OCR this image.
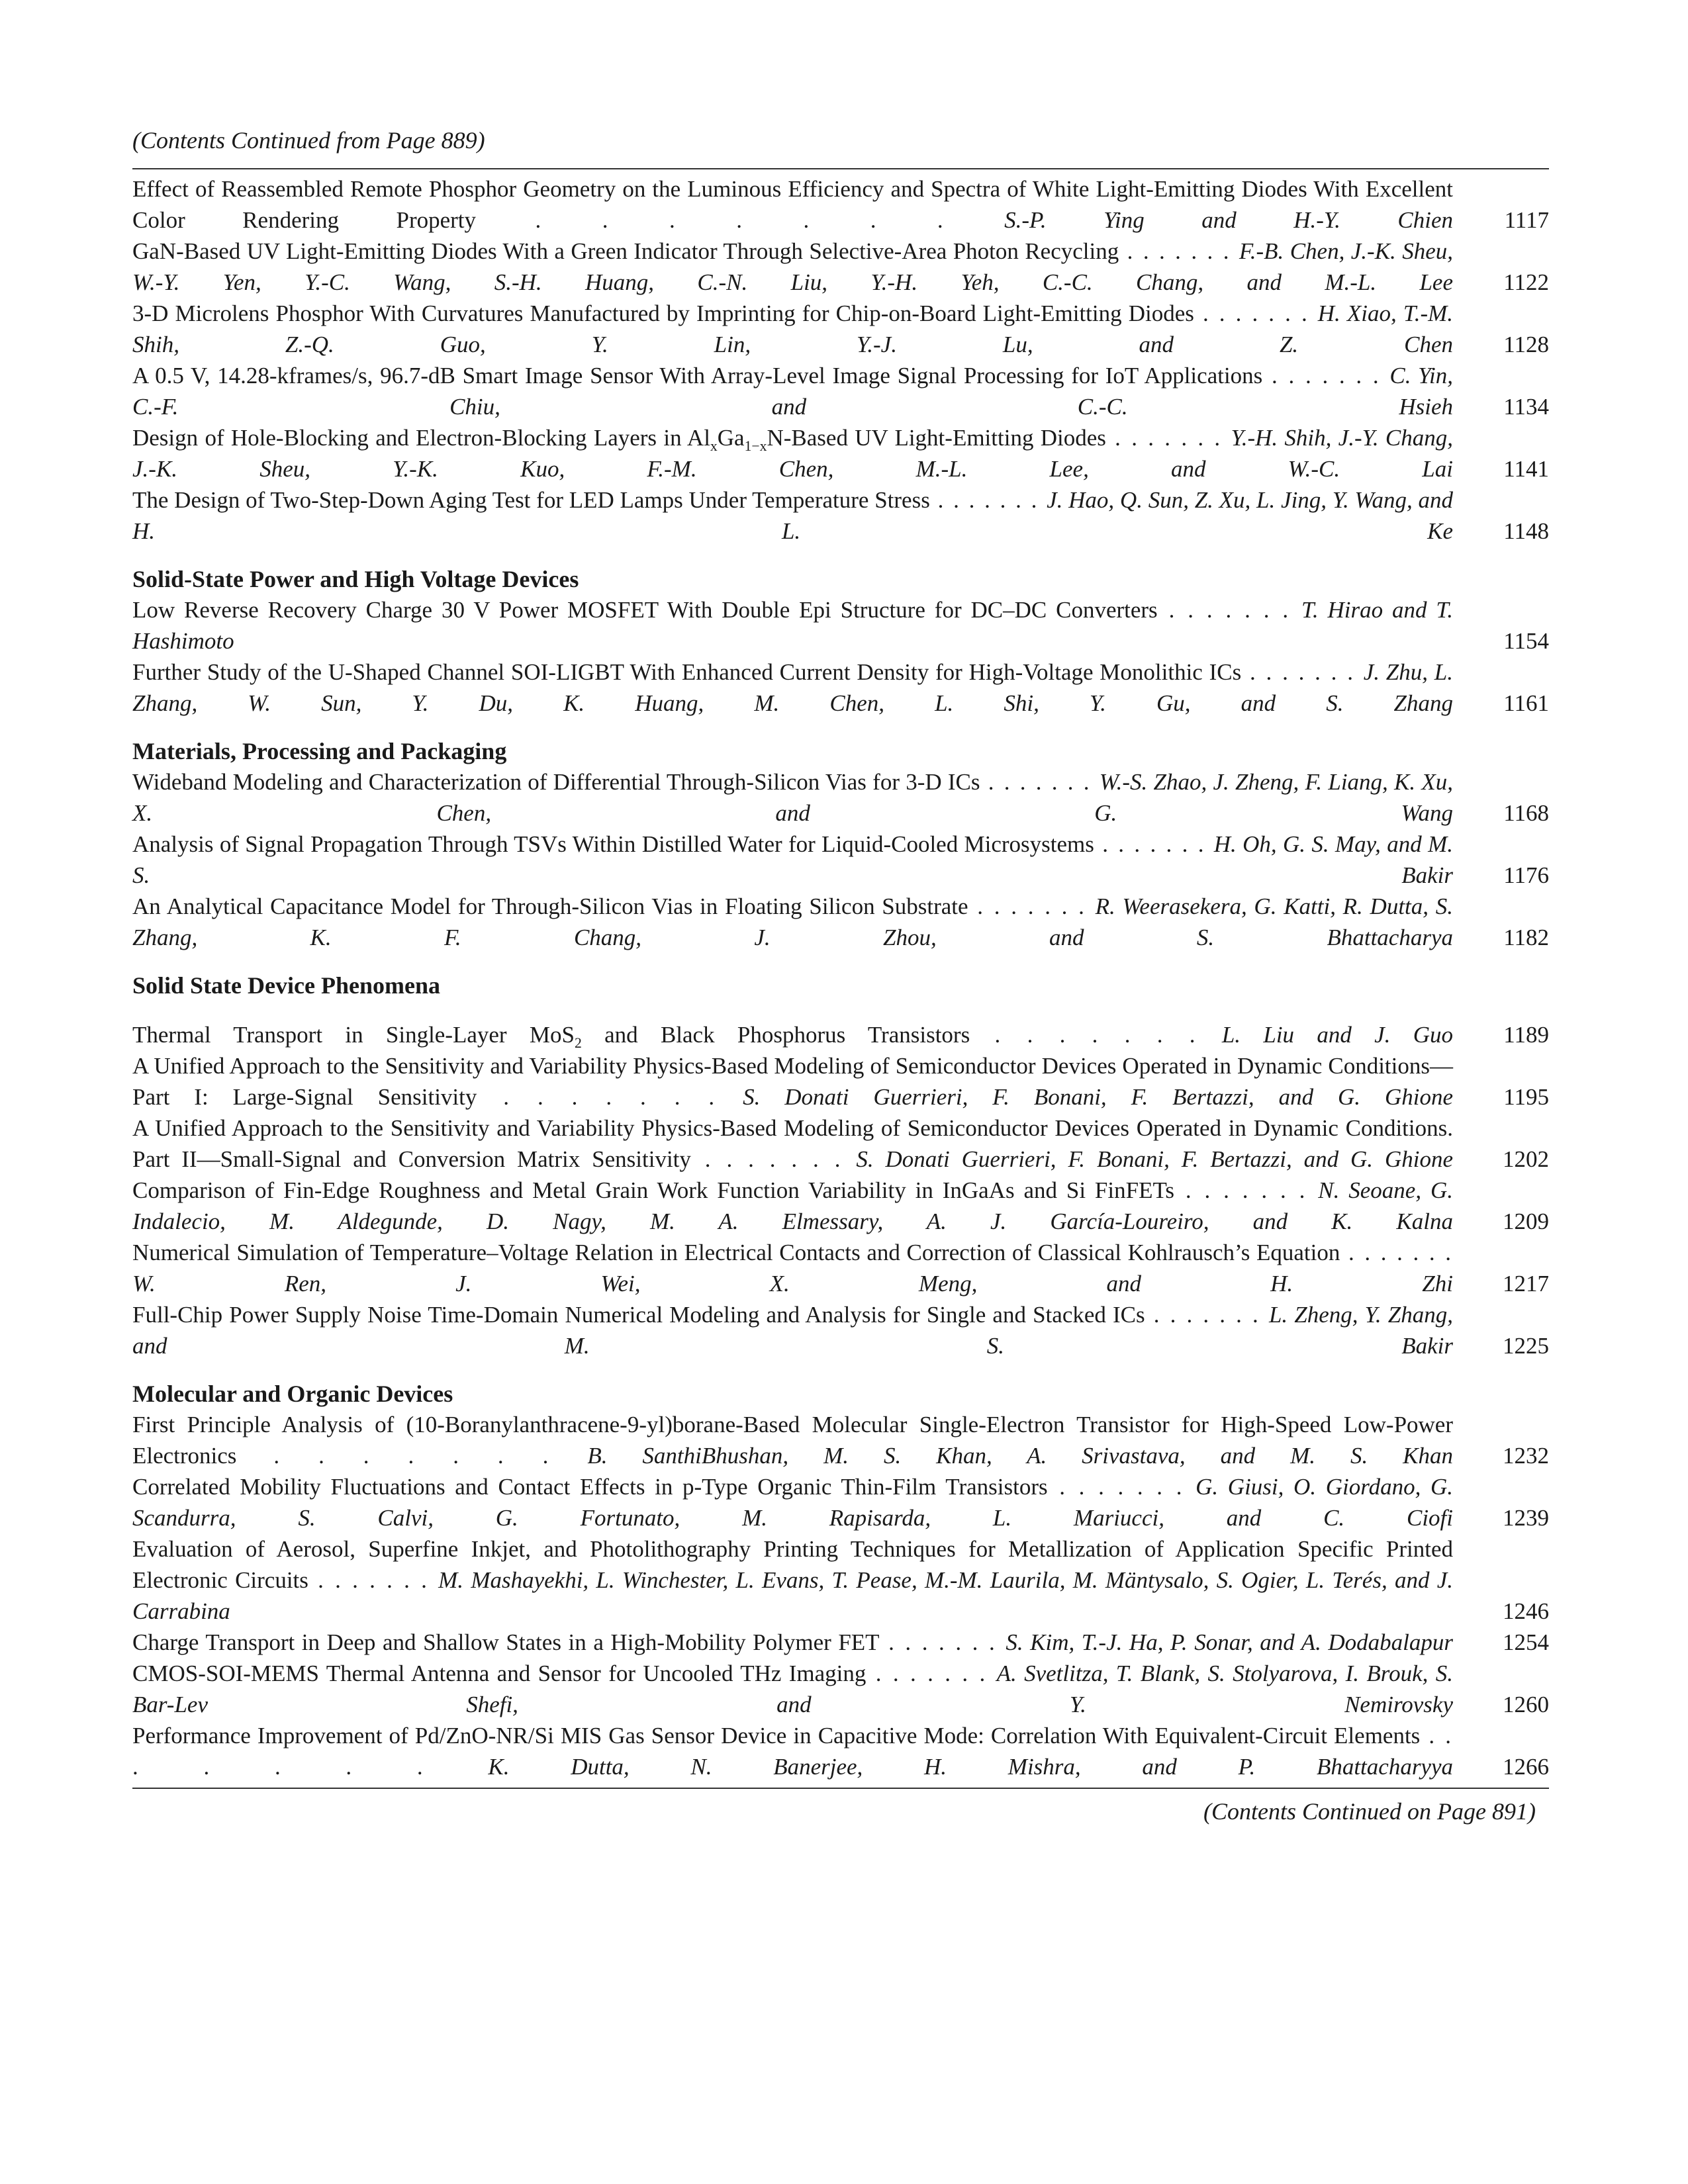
(Contents Continued from Page 889)
Effect of Reassembled Remote Phosphor Geometry on the Luminous Efficiency and Spectra of White Light-Emitting Diodes With Excellent Color Rendering Property . . . . . . . S.-P. Ying and H.-Y. Chien	1117
GaN-Based UV Light-Emitting Diodes With a Green Indicator Through Selective-Area Photon Recycling . . . . . . . F.-B. Chen, J.-K. Sheu, W.-Y. Yen, Y.-C. Wang, S.-H. Huang, C.-N. Liu, Y.-H. Yeh, C.-C. Chang, and M.-L. Lee	1122
3-D Microlens Phosphor With Curvatures Manufactured by Imprinting for Chip-on-Board Light-Emitting Diodes . . . . . . . H. Xiao, T.-M. Shih, Z.-Q. Guo, Y. Lin, Y.-J. Lu, and Z. Chen	1128
A 0.5 V, 14.28-kframes/s, 96.7-dB Smart Image Sensor With Array-Level Image Signal Processing for IoT Applications . . . . . . . C. Yin, C.-F. Chiu, and C.-C. Hsieh	1134
Design of Hole-Blocking and Electron-Blocking Layers in $Al_xGa_{1-x}N$-Based UV Light-Emitting Diodes . . . . . . . Y.-H. Shih, J.-Y. Chang, J.-K. Sheu, Y.-K. Kuo, F.-M. Chen, M.-L. Lee, and W.-C. Lai	1141
The Design of Two-Step-Down Aging Test for LED Lamps Under Temperature Stress . . . . . . . J. Hao, Q. Sun, Z. Xu, L. Jing, Y. Wang, and H. L. Ke	1148
Solid-State Power and High Voltage Devices
Low Reverse Recovery Charge 30 V Power MOSFET With Double Epi Structure for DC–DC Converters . . . . . . . T. Hirao and T. Hashimoto	1154
Further Study of the U-Shaped Channel SOI-LIGBT With Enhanced Current Density for High-Voltage Monolithic ICs . . . . . . . J. Zhu, L. Zhang, W. Sun, Y. Du, K. Huang, M. Chen, L. Shi, Y. Gu, and S. Zhang	1161
Materials, Processing and Packaging
Wideband Modeling and Characterization of Differential Through-Silicon Vias for 3-D ICs . . . . . . . W.-S. Zhao, J. Zheng, F. Liang, K. Xu, X. Chen, and G. Wang	1168
Analysis of Signal Propagation Through TSVs Within Distilled Water for Liquid-Cooled Microsystems . . . . . . . H. Oh, G. S. May, and M. S. Bakir	1176
An Analytical Capacitance Model for Through-Silicon Vias in Floating Silicon Substrate . . . . . . . R. Weerasekera, G. Katti, R. Dutta, S. Zhang, K. F. Chang, J. Zhou, and S. Bhattacharya	1182
Solid State Device Phenomena
Thermal Transport in Single-Layer MoS$_2$ and Black Phosphorus Transistors . . . . . . . L. Liu and J. Guo	1189
A Unified Approach to the Sensitivity and Variability Physics-Based Modeling of Semiconductor Devices Operated in Dynamic Conditions—Part I: Large-Signal Sensitivity . . . . . . . S. Donati Guerrieri, F. Bonani, F. Bertazzi, and G. Ghione	1195
A Unified Approach to the Sensitivity and Variability Physics-Based Modeling of Semiconductor Devices Operated in Dynamic Conditions. Part II—Small-Signal and Conversion Matrix Sensitivity . . . . . . . S. Donati Guerrieri, F. Bonani, F. Bertazzi, and G. Ghione	1202
Comparison of Fin-Edge Roughness and Metal Grain Work Function Variability in InGaAs and Si FinFETs . . . . . . . N. Seoane, G. Indalecio, M. Aldegunde, D. Nagy, M. A. Elmessary, A. J. García-Loureiro, and K. Kalna	1209
Numerical Simulation of Temperature–Voltage Relation in Electrical Contacts and Correction of Classical Kohlrausch’s Equation . . . . . . . W. Ren, J. Wei, X. Meng, and H. Zhi	1217
Full-Chip Power Supply Noise Time-Domain Numerical Modeling and Analysis for Single and Stacked ICs . . . . . . . L. Zheng, Y. Zhang, and M. S. Bakir	1225
Molecular and Organic Devices
First Principle Analysis of (10-Boranylanthracene-9-yl)borane-Based Molecular Single-Electron Transistor for High-Speed Low-Power Electronics . . . . . . . B. SanthiBhushan, M. S. Khan, A. Srivastava, and M. S. Khan	1232
Correlated Mobility Fluctuations and Contact Effects in p-Type Organic Thin-Film Transistors . . . . . . . G. Giusi, O. Giordano, G. Scandurra, S. Calvi, G. Fortunato, M. Rapisarda, L. Mariucci, and C. Ciofi	1239
Evaluation of Aerosol, Superfine Inkjet, and Photolithography Printing Techniques for Metallization of Application Specific Printed Electronic Circuits . . . . . . . M. Mashayekhi, L. Winchester, L. Evans, T. Pease, M.-M. Laurila, M. Mäntysalo, S. Ogier, L. Terés, and J. Carrabina	1246
Charge Transport in Deep and Shallow States in a High-Mobility Polymer FET . . . . . . . S. Kim, T.-J. Ha, P. Sonar, and A. Dodabalapur	1254
CMOS-SOI-MEMS Thermal Antenna and Sensor for Uncooled THz Imaging . . . . . . . A. Svetlitza, T. Blank, S. Stolyarova, I. Brouk, S. Bar-Lev Shefi, and Y. Nemirovsky	1260
Performance Improvement of Pd/ZnO-NR/Si MIS Gas Sensor Device in Capacitive Mode: Correlation With Equivalent-Circuit Elements . . . . . . . K. Dutta, N. Banerjee, H. Mishra, and P. Bhattacharyya	1266
(Contents Continued on Page 891)
